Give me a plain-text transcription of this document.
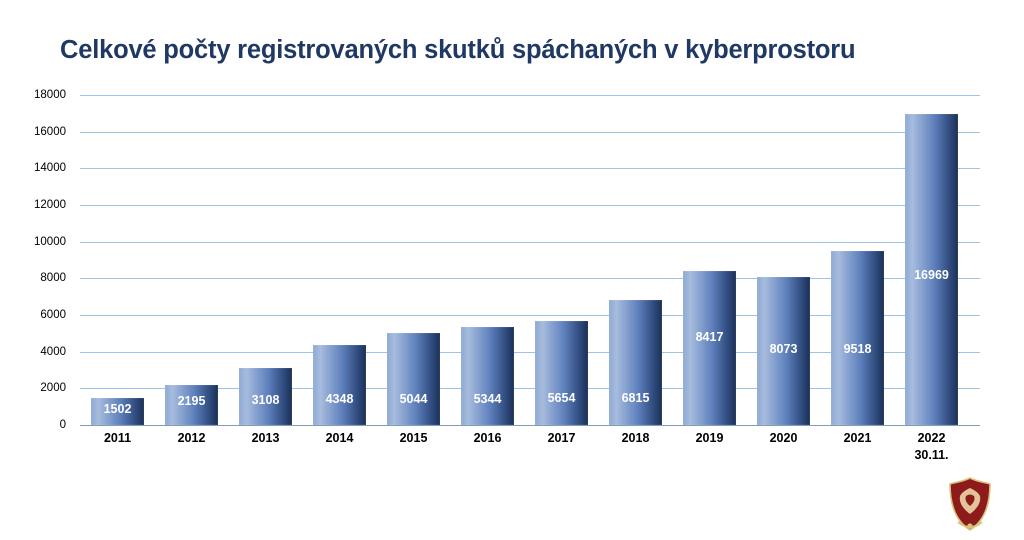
Celkové počty registrovaných skutků spáchaných v kyberprostoru
0
2000
4000
6000
8000
10000
12000
14000
16000
18000
1502
2195	3108	4348	5044	5344	5654	6815
8417
8073	9518
16969
2011	2012	2013	2014	2015	2016	2017	2018	2019	2020	2021	2022
30.11.
